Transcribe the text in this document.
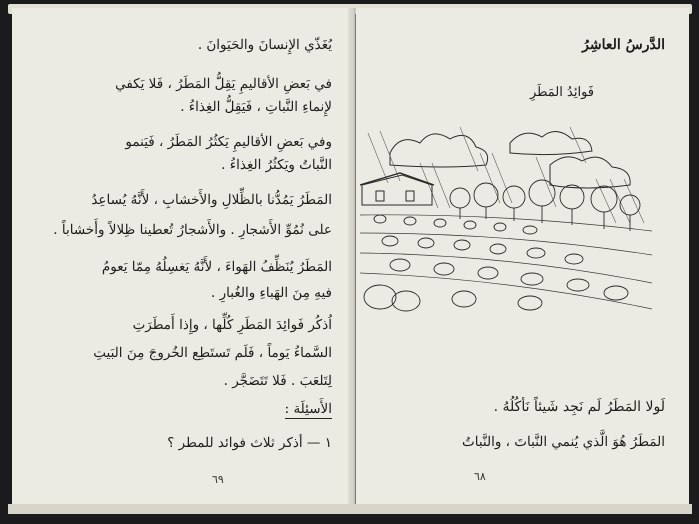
يُغَذّي الإِنسانَ والحَيَوانَ .
في بَعضِ الأقاليمِ يَقِلُّ المَطَرُ ، فَلا يَكفي
لإِنماءِ النَّباتِ ، فَيَقِلُّ الغِذاءُ .
وفي بَعضِ الأقاليمِ يَكثُرُ المَطَرُ ، فَيَنمو
النَّباتُ ويَكثُرُ الغِذاءُ .
المَطَرُ يَمُدُّنا بالظِّلالِ والأَخشابِ ، لأَنَّهُ يُساعِدُ
على نُمُوِّ الأَشجارِ . والأَشجارُ تُعطينا ظِلالاً وأَخشاباً .
المَطَرُ يُنَظِّفُ الهَواءَ ، لأَنَّهُ يَغسِلُهُ مِمّا يَعومُ
فيهِ مِنَ الهَباءِ والغُبارِ .
اُذكُر فَوائِدَ المَطَرِ كُلِّها ، وإِذا أَمطَرَتِ
السَّماءُ يَوماً ، فَلَم تَستَطِع الخُروجَ مِنَ البَيتِ
لِتَلعَبَ . فَلا تَتَضَجَّر .
الأَسئِلَة :
١ — أذكر ثلاث فوائد للمطر ؟
٦٩
الدَّرسُ العاشِرُ
فَوائِدُ المَطَرِ
لَولا المَطَرُ لَم نَجِد شَيئاً نَأكُلُهُ .
المَطَرُ هُوَ الَّذي يُنمي النَّباتَ ، والنَّباتُ
٦٨
